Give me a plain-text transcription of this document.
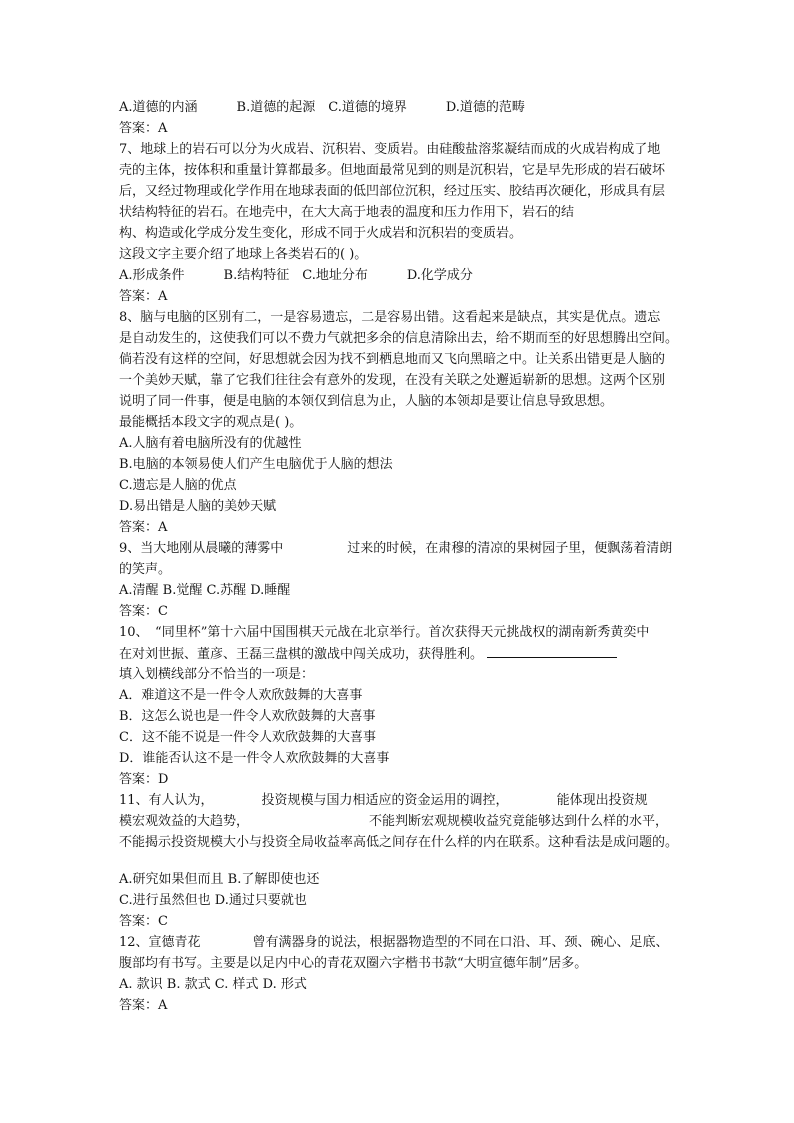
A.道德的内涵　　　B.道德的起源　C.道德的境界　　　D.道德的范畴
答案：A
7、地球上的岩石可以分为火成岩、沉积岩、变质岩。由硅酸盐溶浆凝结而成的火成岩构成了地
壳的主体，按体积和重量计算都最多。但地面最常见到的则是沉积岩，它是早先形成的岩石破坏
后，又经过物理或化学作用在地球表面的低凹部位沉积，经过压实、胶结再次硬化，形成具有层
状结构特征的岩石。在地壳中，在大大高于地表的温度和压力作用下，岩石的结
构、构造或化学成分发生变化，形成不同于火成岩和沉积岩的变质岩。
这段文字主要介绍了地球上各类岩石的( )。
A.形成条件　　　B.结构特征　C.地址分布　　　D.化学成分
答案：A
8、脑与电脑的区别有二，一是容易遗忘，二是容易出错。这看起来是缺点，其实是优点。遗忘
是自动发生的，这使我们可以不费力气就把多余的信息清除出去，给不期而至的好思想腾出空间。
倘若没有这样的空间，好思想就会因为找不到栖息地而又飞向黑暗之中。让关系出错更是人脑的
一个美妙天赋，靠了它我们往往会有意外的发现，在没有关联之处邂逅崭新的思想。这两个区别
说明了同一件事，便是电脑的本领仅到信息为止，人脑的本领却是要让信息导致思想。
最能概括本段文字的观点是( )。
A.人脑有着电脑所没有的优越性
B.电脑的本领易使人们产生电脑优于人脑的想法
C.遗忘是人脑的优点
D.易出错是人脑的美妙天赋
答案：A
9、当大地刚从晨曦的薄雾中	过来的时候，在肃穆的清凉的果树园子里，便飘荡着清朗
的笑声。
A.清醒 B.觉醒 C.苏醒 D.睡醒
答案：C
10、　“同里杯”第十六届中国围棋天元战在北京举行。首次获得天元挑战权的湖南新秀黄奕中
在对刘世振、董彦、王磊三盘棋的激战中闯关成功，获得胜利。
填入划横线部分不恰当的一项是：
A．难道这不是一件令人欢欣鼓舞的大喜事
B．这怎么说也是一件令人欢欣鼓舞的大喜事
C．这不能不说是一件令人欢欣鼓舞的大喜事
D．谁能否认这不是一件令人欢欣鼓舞的大喜事
答案：D
11、有人认为，	投资规模与国力相适应的资金运用的调控，	能体现出投资规
模宏观效益的大趋势，	不能判断宏观规模收益究竟能够达到什么样的水平，
不能揭示投资规模大小与投资全局收益率高低之间存在什么样的内在联系。这种看法是成问题的。
A.研究如果但而且 B.了解即使也还
C.进行虽然但也 D.通过只要就也
答案：C
12、宣德青花	曾有满器身的说法，根据器物造型的不同在口沿、耳、颈、碗心、足底、
腹部均有书写。主要是以足内中心的青花双圈六字楷书书款“大明宣德年制”居多。
A. 款识 B. 款式 C. 样式 D. 形式
答案：A
